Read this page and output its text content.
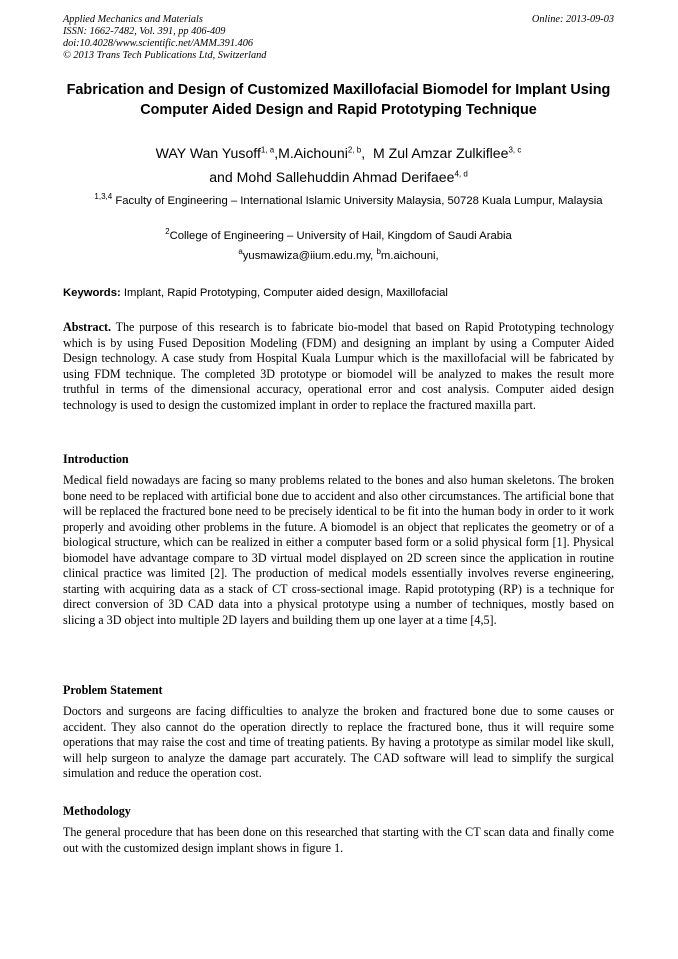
Applied Mechanics and Materials
ISSN: 1662-7482, Vol. 391, pp 406-409
doi:10.4028/www.scientific.net/AMM.391.406
© 2013 Trans Tech Publications Ltd, Switzerland
Online: 2013-09-03
Fabrication and Design of Customized Maxillofacial Biomodel for Implant Using Computer Aided Design and Rapid Prototyping Technique
WAY Wan Yusoff$^{1, a}$,M.Aichouni$^{2, b}$, M Zul Amzar Zulkiflee$^{3, c}$
and Mohd Sallehuddin Ahmad Derifaee$^{4, d}$
$^{1,3,4}$ Faculty of Engineering – International Islamic University Malaysia, 50728 Kuala Lumpur, Malaysia
$^2$College of Engineering – University of Hail, Kingdom of Saudi Arabia
$^a$yusmawiza@iium.edu.my, $^b$m.aichouni,
Keywords: Implant, Rapid Prototyping, Computer aided design, Maxillofacial
Abstract. The purpose of this research is to fabricate bio-model that based on Rapid Prototyping technology which is by using Fused Deposition Modeling (FDM) and designing an implant by using a Computer Aided Design technology. A case study from Hospital Kuala Lumpur which is the maxillofacial will be fabricated by using FDM technique. The completed 3D prototype or biomodel will be analyzed to makes the result more truthful in terms of the dimensional accuracy, operational error and cost analysis. Computer aided design technology is used to design the customized implant in order to replace the fractured maxilla part.
Introduction
Medical field nowadays are facing so many problems related to the bones and also human skeletons. The broken bone need to be replaced with artificial bone due to accident and also other circumstances. The artificial bone that will be replaced the fractured bone need to be precisely identical to be fit into the human body in order to it work properly and avoiding other problems in the future. A biomodel is an object that replicates the geometry or of a biological structure, which can be realized in either a computer based form or a solid physical form [1]. Physical biomodel have advantage compare to 3D virtual model displayed on 2D screen since the application in routine clinical practice was limited [2]. The production of medical models essentially involves reverse engineering, starting with acquiring data as a stack of CT cross-sectional image. Rapid prototyping (RP) is a technique for direct conversion of 3D CAD data into a physical prototype using a number of techniques, mostly based on slicing a 3D object into multiple 2D layers and building them up one layer at a time [4,5].
Problem Statement
Doctors and surgeons are facing difficulties to analyze the broken and fractured bone due to some causes or accident. They also cannot do the operation directly to replace the fractured bone, thus it will require some operations that may raise the cost and time of treating patients. By having a prototype as similar model like skull, will help surgeon to analyze the damage part accurately. The CAD software will lead to simplify the surgical simulation and reduce the operation cost.
Methodology
The general procedure that has been done on this researched that starting with the CT scan data and finally come out with the customized design implant shows in figure 1.
